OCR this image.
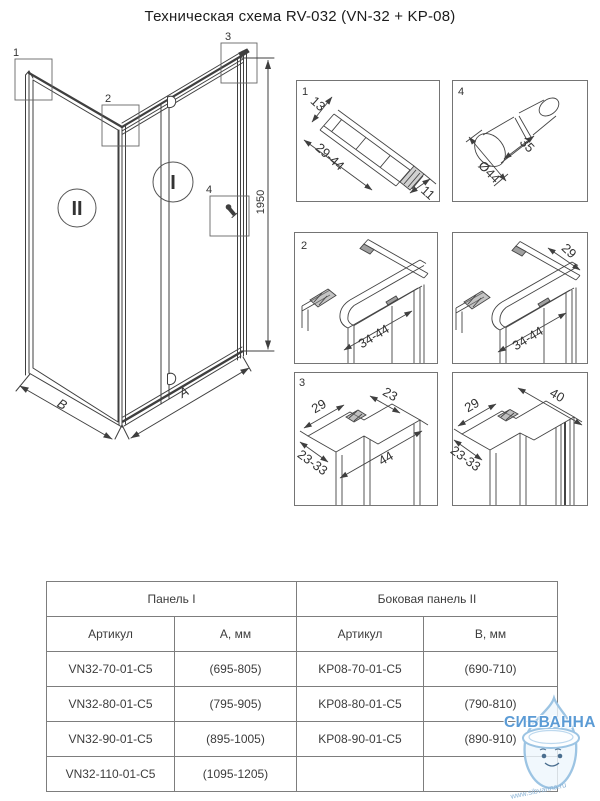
Техническая схема RV-032 (VN-32 + KP-08)
1
2
3
4
II
I
1950
B
A
1
13
29-44
11
4
35
Ø44
2
34-44
29
34-44
3
29
23
44
23-33
29	40
23-33
Панель I		Боковая панель II	
Артикул	А, мм	Артикул	В, мм
VN32-70-01-C5	(695-805)	KP08-70-01-C5	(690-710)
VN32-80-01-C5	(795-905)	KP08-80-01-C5	(790-810)
VN32-90-01-C5	(895-1005)	KP08-90-01-C5	(890-910)
VN32-110-01-C5	(1095-1205)		
СИБВАННА
www.sibvanna.ru
